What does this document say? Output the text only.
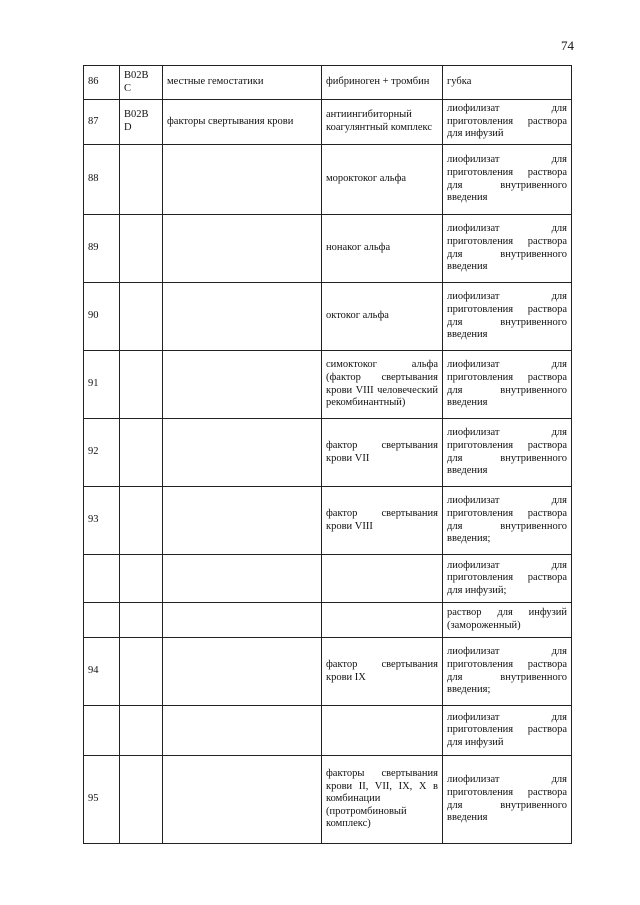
74
86	B02B C	местные гемостатики	фибриноген + тромбин	губка
87	B02B D	факторы свертывания крови	антиингибиторный коагулянтный комплекс	лиофилизат для приготовления раствора для инфузий
88			мороктоког альфа	лиофилизат для приготовления раствора для внутривенного введения
89			нонаког альфа	лиофилизат для приготовления раствора для внутривенного введения
90			октоког альфа	лиофилизат для приготовления раствора для внутривенного введения
91			симоктоког альфа (фактор свертывания крови VIII человеческий рекомбинантный)	лиофилизат для приготовления раствора для внутривенного введения
92			фактор свертывания крови VII	лиофилизат для приготовления раствора для внутривенного введения
93			фактор свертывания крови VIII	лиофилизат для приготовления раствора для внутривенного введения;
				лиофилизат для приготовления раствора для инфузий;
				раствор для инфузий (замороженный)
94			фактор свертывания крови IX	лиофилизат для приготовления раствора для внутривенного введения;
				лиофилизат для приготовления раствора для инфузий
95			факторы свертывания крови II, VII, IX, X в комбинации (протромбиновый комплекс)	лиофилизат для приготовления раствора для внутривенного введения
